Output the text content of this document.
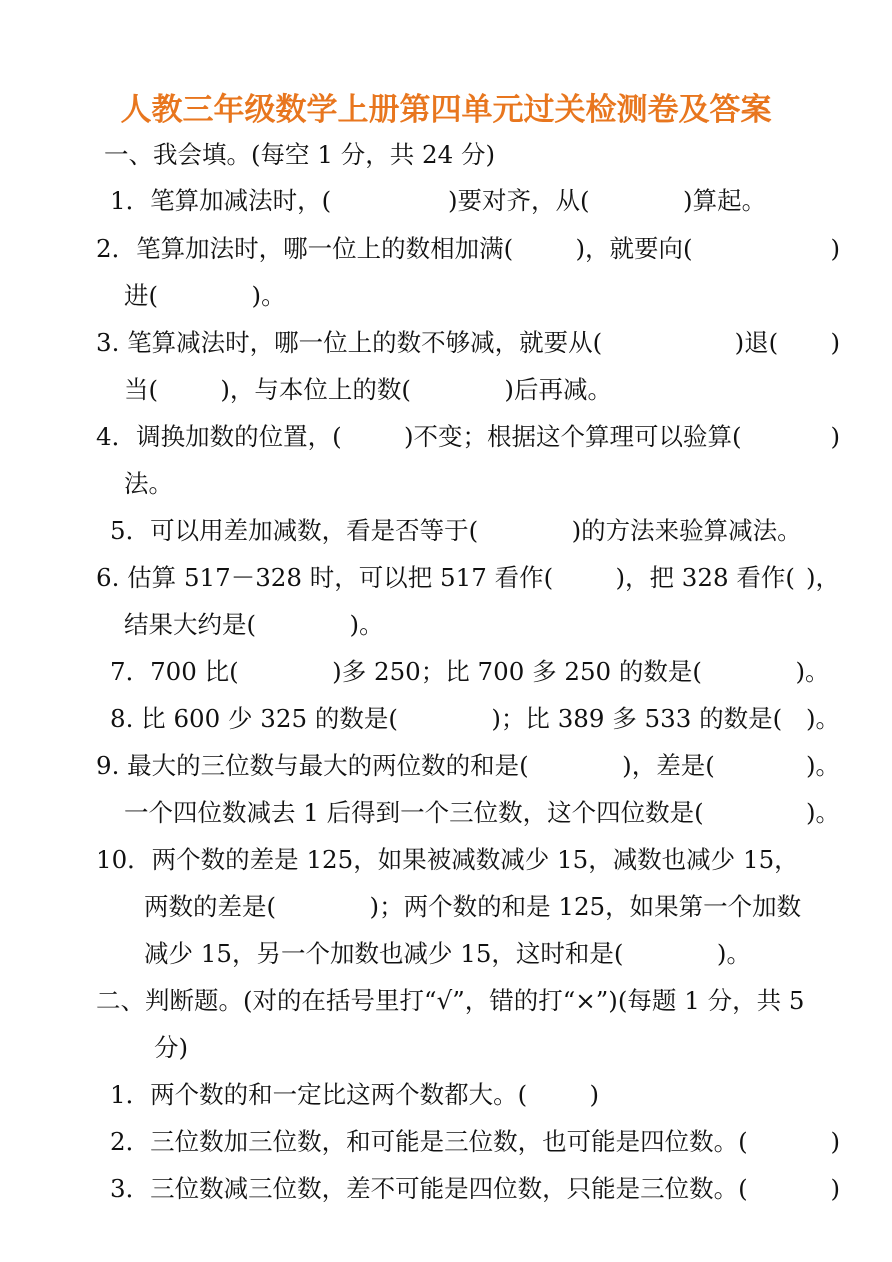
人教三年级数学上册第四单元过关检测卷及答案
一、我会填。(每空 1 分，共 24 分)
1．笔算加减法时，(               )要对齐，从(            )算起。
2．笔算加法时，哪一位上的数相加满(        )，就要向(	)
进(            )。
3. 笔算减法时，哪一位上的数不够减，就要从(                 )退( )
当(        )，与本位上的数(            )后再减。
4．调换加数的位置，(        )不变；根据这个算理可以验算(	)
法。
5．可以用差加减数，看是否等于(            )的方法来验算减法。
6. 估算 517－328 时，可以把 517 看作(        )，把 328 看作( )，
结果大约是(            )。
7．700 比(            )多 250；比 700 多 250 的数是(            )。
8. 比 600 少 325 的数是(            )；比 389 多 533 的数是( )。
9. 最大的三位数与最大的两位数的和是(            )，差是(	)。
一个四位数减去 1 后得到一个三位数，这个四位数是(	)。
10．两个数的差是 125，如果被减数减少 15，减数也减少 15，
两数的差是(            )；两个数的和是 125，如果第一个加数
减少 15，另一个加数也减少 15，这时和是(            )。
二、判断题。(对的在括号里打“√”，错的打“×”)(每题 1 分，共 5
分)
1．两个数的和一定比这两个数都大。(        )
2．三位数加三位数，和可能是三位数，也可能是四位数。(	)
3．三位数减三位数，差不可能是四位数，只能是三位数。(	)
